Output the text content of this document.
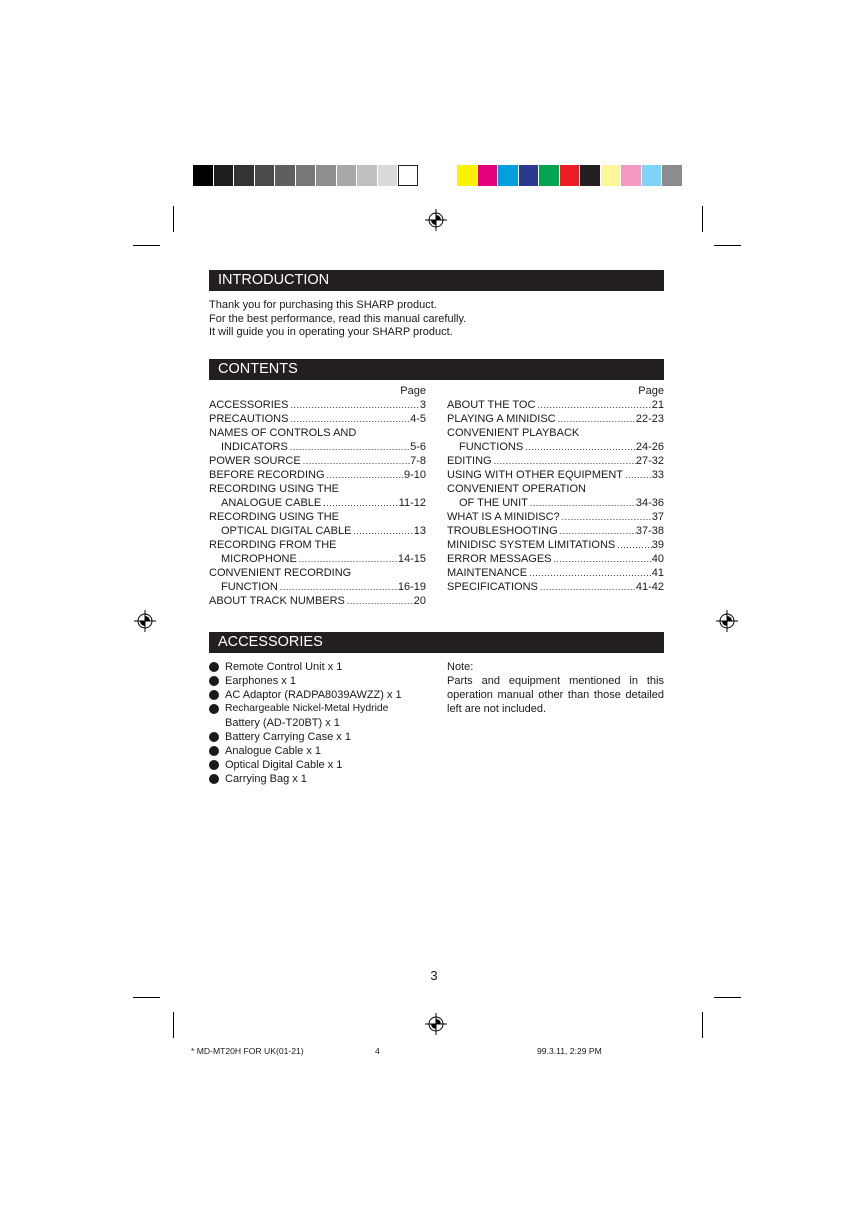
INTRODUCTION
Thank you for purchasing this SHARP product.
For the best performance, read this manual carefully.
It will guide you in operating your SHARP product.
CONTENTS
Page
ACCESSORIES .....	3
PRECAUTIONS .....	4-5
NAMES OF CONTROLS AND
INDICATORS .....	5-6
POWER SOURCE .....	7-8
BEFORE RECORDING .....	9-10
RECORDING USING THE
ANALOGUE CABLE .....	11-12
RECORDING USING THE
OPTICAL DIGITAL CABLE .....	13
RECORDING FROM THE
MICROPHONE .....	14-15
CONVENIENT RECORDING
FUNCTION .....	16-19
ABOUT TRACK NUMBERS .....	20
Page
ABOUT THE TOC .....	21
PLAYING A MINIDISC .....	22-23
CONVENIENT PLAYBACK
FUNCTIONS .....	24-26
EDITING .....	27-32
USING WITH OTHER EQUIPMENT .....	33
CONVENIENT OPERATION
OF THE UNIT .....	34-36
WHAT IS A MINIDISC? .....	37
TROUBLESHOOTING .....	37-38
MINIDISC SYSTEM LIMITATIONS .....	39
ERROR MESSAGES .....	40
MAINTENANCE .....	41
SPECIFICATIONS .....	41-42
ACCESSORIES
Remote Control Unit x 1
Earphones x 1
AC Adaptor (RADPA8039AWZZ) x 1
Rechargeable Nickel-Metal Hydride
Battery (AD-T20BT) x 1
Battery Carrying Case x 1
Analogue Cable x 1
Optical Digital Cable x 1
Carrying Bag x 1
Note:
Parts and equipment mentioned in this operation manual other than those detailed left are not included.
3
* MD-MT20H FOR UK(01-21)	4	99.3.11, 2:29 PM
